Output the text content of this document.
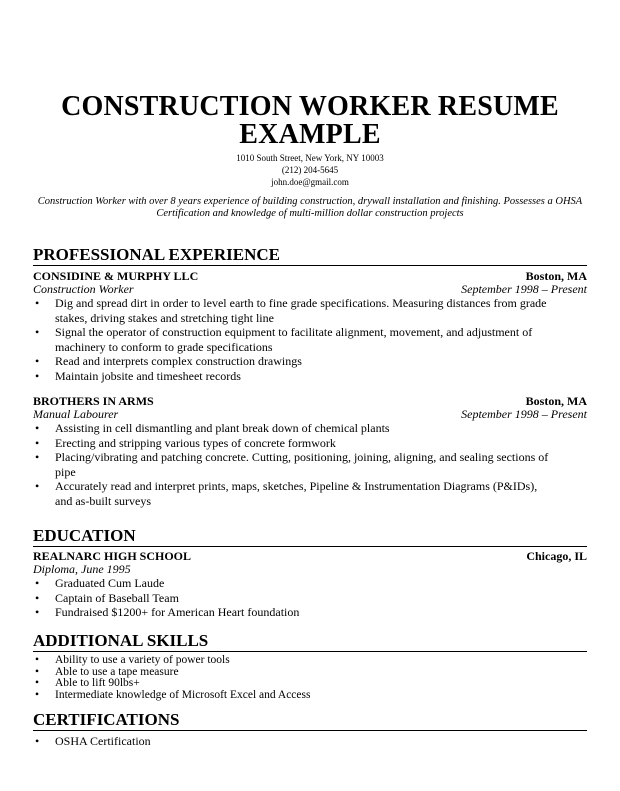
CONSTRUCTION WORKER RESUME
EXAMPLE
1010 South Street, New York, NY 10003
(212) 204-5645
john.doe@gmail.com
Construction Worker with over 8 years experience of building construction, drywall installation and finishing. Possesses a OHSA Certification and knowledge of multi-million dollar construction projects
PROFESSIONAL EXPERIENCE
CONSIDINE & MURPHY LLC	Boston, MA
Construction Worker	September 1998 – Present
• Dig and spread dirt in order to level earth to fine grade specifications. Measuring distances from grade stakes, driving stakes and stretching tight line
• Signal the operator of construction equipment to facilitate alignment, movement, and adjustment of machinery to conform to grade specifications
• Read and interprets complex construction drawings
• Maintain jobsite and timesheet records
BROTHERS IN ARMS	Boston, MA
Manual Labourer	September 1998 – Present
• Assisting in cell dismantling and plant break down of chemical plants
• Erecting and stripping various types of concrete formwork
• Placing/vibrating and patching concrete. Cutting, positioning, joining, aligning, and sealing sections of pipe
• Accurately read and interpret prints, maps, sketches, Pipeline & Instrumentation Diagrams (P&IDs), and as-built surveys
EDUCATION
REALNARC HIGH SCHOOL	Chicago, IL
Diploma, June 1995
• Graduated Cum Laude
• Captain of Baseball Team
• Fundraised $1200+ for American Heart foundation
ADDITIONAL SKILLS
• Ability to use a variety of power tools
• Able to use a tape measure
• Able to lift 90lbs+
• Intermediate knowledge of Microsoft Excel and Access
CERTIFICATIONS
• OSHA Certification
